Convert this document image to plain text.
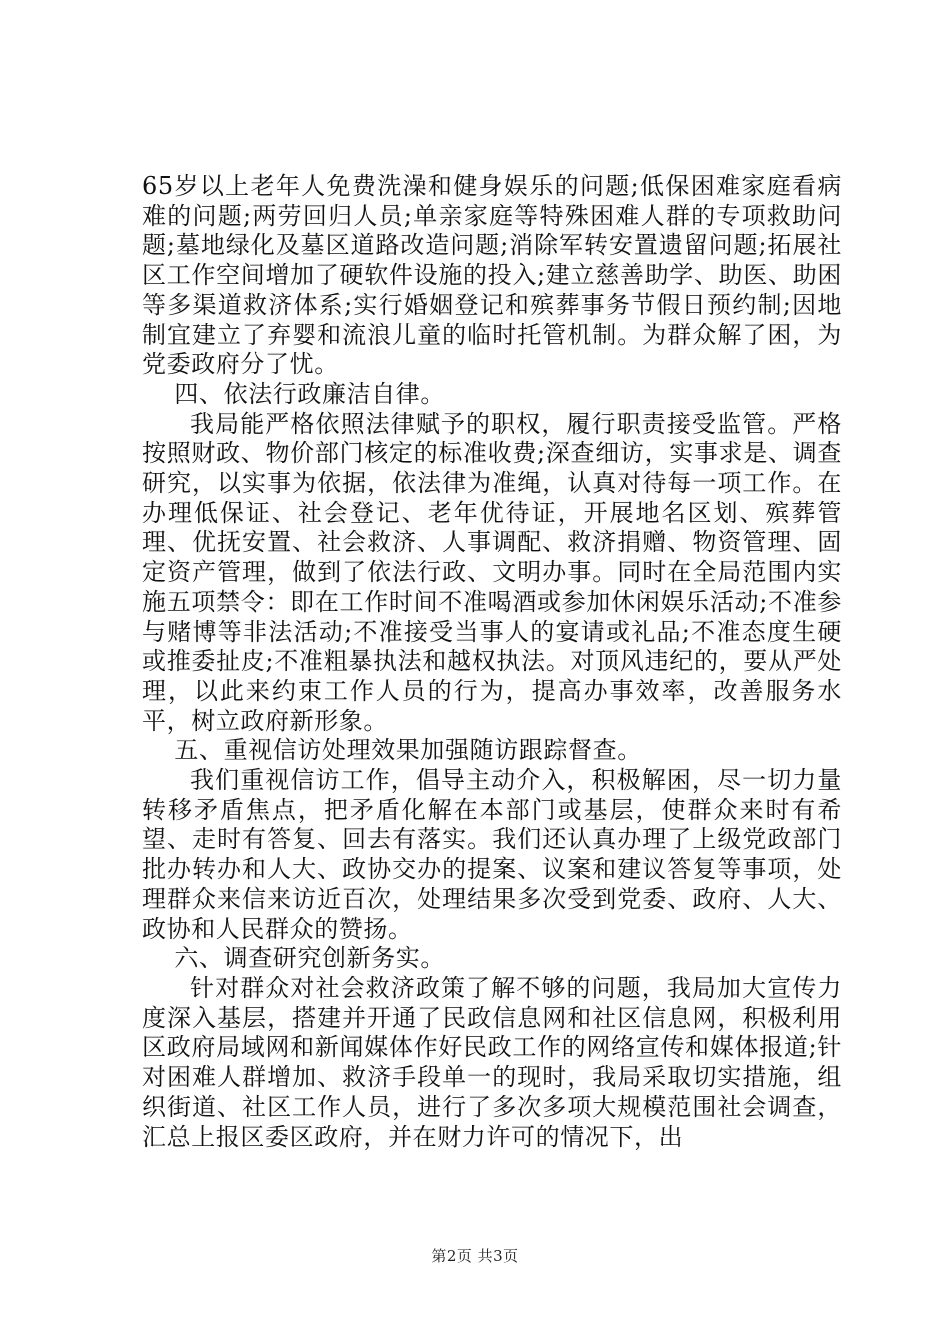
65岁以上老年人免费洗澡和健身娱乐的问题;低保困难家庭看病难的问题;两劳回归人员;单亲家庭等特殊困难人群的专项救助问题;墓地绿化及墓区道路改造问题;消除军转安置遗留问题;拓展社区工作空间增加了硬软件设施的投入;建立慈善助学、助医、助困等多渠道救济体系;实行婚姻登记和殡葬事务节假日预约制;因地制宜建立了弃婴和流浪儿童的临时托管机制。为群众解了困，为党委政府分了忧。

四、依法行政廉洁自律。

我局能严格依照法律赋予的职权，履行职责接受监管。严格按照财政、物价部门核定的标准收费;深查细访，实事求是、调查研究，以实事为依据，依法律为准绳，认真对待每一项工作。在办理低保证、社会登记、老年优待证，开展地名区划、殡葬管理、优抚安置、社会救济、人事调配、救济捐赠、物资管理、固定资产管理，做到了依法行政、文明办事。同时在全局范围内实施五项禁令：即在工作时间不准喝酒或参加休闲娱乐活动;不准参与赌博等非法活动;不准接受当事人的宴请或礼品;不准态度生硬或推委扯皮;不准粗暴执法和越权执法。对顶风违纪的，要从严处理，以此来约束工作人员的行为，提高办事效率，改善服务水平，树立政府新形象。

五、重视信访处理效果加强随访跟踪督查。

我们重视信访工作，倡导主动介入，积极解困，尽一切力量转移矛盾焦点，把矛盾化解在本部门或基层，使群众来时有希望、走时有答复、回去有落实。我们还认真办理了上级党政部门批办转办和人大、政协交办的提案、议案和建议答复等事项，处理群众来信来访近百次，处理结果多次受到党委、政府、人大、政协和人民群众的赞扬。

六、调查研究创新务实。

针对群众对社会救济政策了解不够的问题，我局加大宣传力度深入基层，搭建并开通了民政信息网和社区信息网，积极利用区政府局域网和新闻媒体作好民政工作的网络宣传和媒体报道;针对困难人群增加、救济手段单一的现时，我局采取切实措施，组织街道、社区工作人员，进行了多次多项大规模范围社会调查，汇总上报区委区政府，并在财力许可的情况下，出

第2页 共3页
